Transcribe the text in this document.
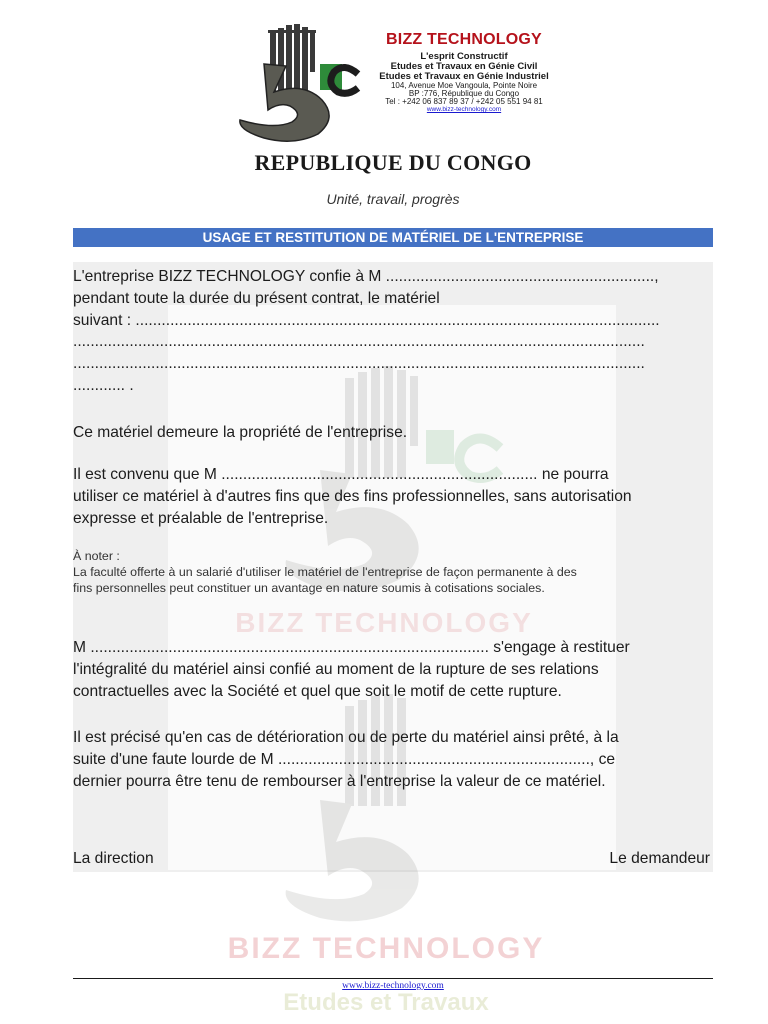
BIZZ TECHNOLOGY
L'esprit Constructif
Etudes et Travaux en Génie Civil
Etudes et Travaux en Génie Industriel
104, Avenue Moe Vangoula, Pointe Noire
BP :776, République du Congo
Tel : +242 06 837 89 37 / +242 05 551 94 81
www.bizz-technology.com
REPUBLIQUE DU CONGO
Unité, travail, progrès
USAGE ET RESTITUTION DE MATÉRIEL DE L'ENTREPRISE
BIZZ TECHNOLOGY
Etudes et Travaux
L'entreprise BIZZ TECHNOLOGY confie à M ..............................................................,
pendant toute la durée du présent contrat, le matériel
suivant : .........................................................................................................................
....................................................................................................................................
....................................................................................................................................
............ .
Ce matériel demeure la propriété de l'entreprise.
Il est convenu que M ......................................................................... ne pourra
utiliser ce matériel à d'autres fins que des fins professionnelles, sans autorisation
expresse et préalable de l'entreprise.
À noter :
La faculté offerte à un salarié d'utiliser le matériel de l'entreprise de façon permanente à des
fins personnelles peut constituer un avantage en nature soumis à cotisations sociales.
M ............................................................................................ s'engage à restituer
l'intégralité du matériel ainsi confié au moment de la rupture de ses relations
contractuelles avec la Société et quel que soit le motif de cette rupture.
Il est précisé qu'en cas de détérioration ou de perte du matériel ainsi prêté, à la
suite d'une faute lourde de M ........................................................................, ce
dernier pourra être tenu de rembourser à l'entreprise la valeur de ce matériel.
La direction	Le demandeur
www.bizz-technology.com
